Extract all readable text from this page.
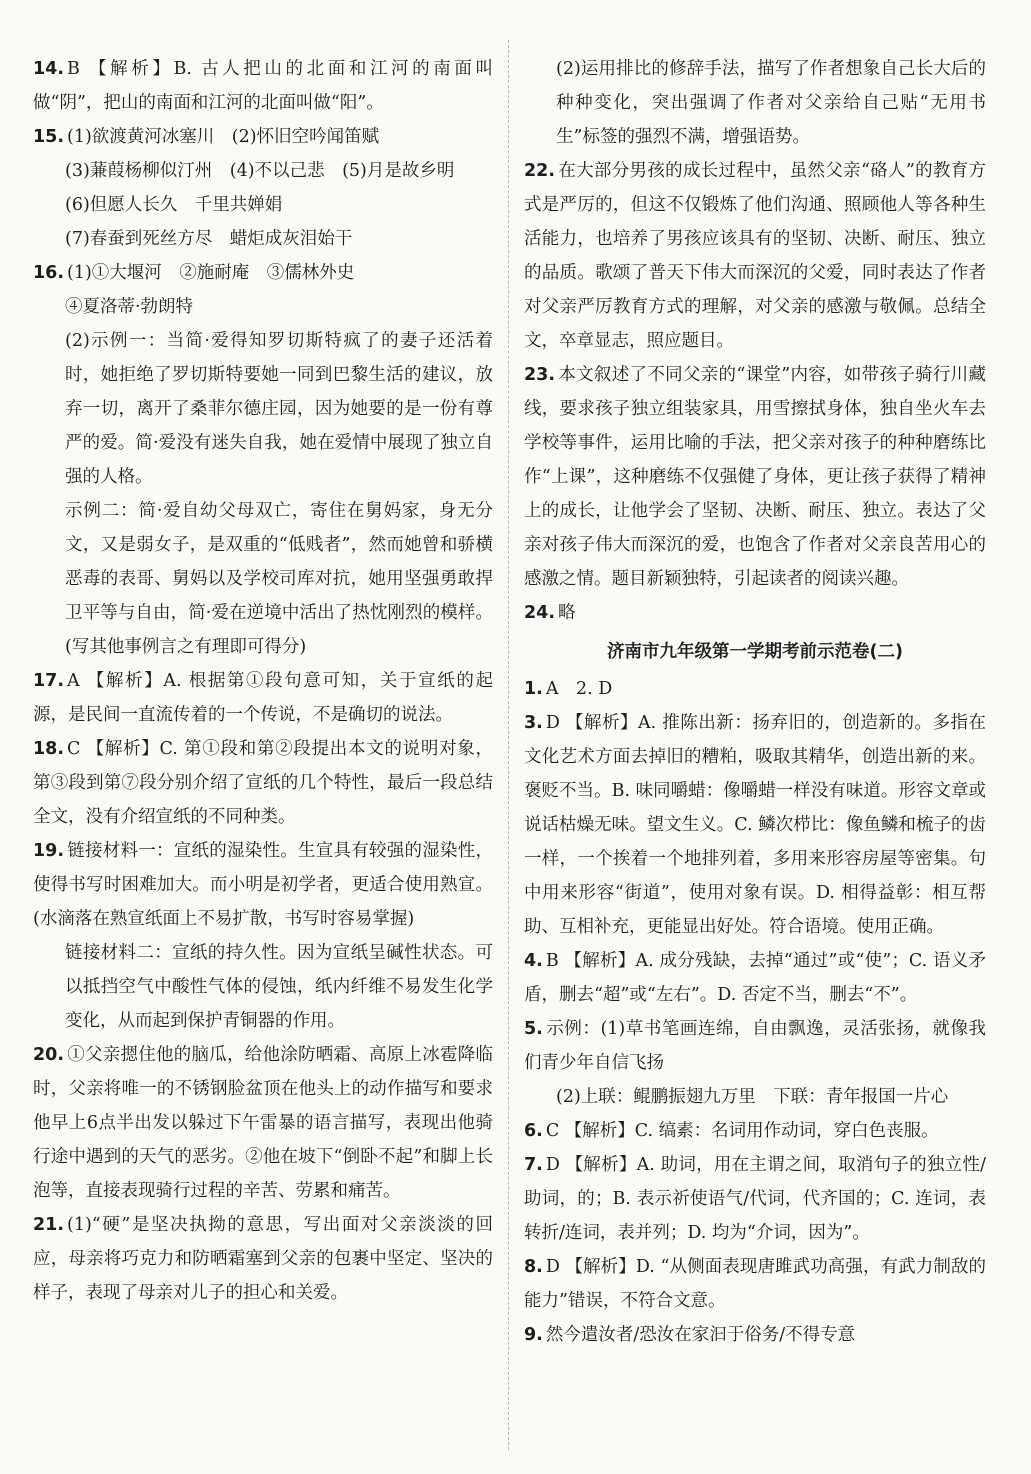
14. B 【解析】B. 古人把山的北面和江河的南面叫做“阴”，把山的南面和江河的北面叫做“阳”。

15. (1)欲渡黄河冰塞川　(2)怀旧空吟闻笛赋

(3)蒹葭杨柳似汀州　(4)不以己悲　(5)月是故乡明

(6)但愿人长久　千里共婵娟

(7)春蚕到死丝方尽　蜡炬成灰泪始干

16. (1)①大堰河　②施耐庵　③儒林外史

④夏洛蒂·勃朗特

(2)示例一：当简·爱得知罗切斯特疯了的妻子还活着时，她拒绝了罗切斯特要她一同到巴黎生活的建议，放弃一切，离开了桑菲尔德庄园，因为她要的是一份有尊严的爱。简·爱没有迷失自我，她在爱情中展现了独立自强的人格。

示例二：简·爱自幼父母双亡，寄住在舅妈家，身无分文，又是弱女子，是双重的“低贱者”，然而她曾和骄横恶毒的表哥、舅妈以及学校司库对抗，她用坚强勇敢捍卫平等与自由，简·爱在逆境中活出了热忱刚烈的模样。(写其他事例言之有理即可得分)

17. A 【解析】A. 根据第①段句意可知，关于宣纸的起源，是民间一直流传着的一个传说，不是确切的说法。

18. C 【解析】C. 第①段和第②段提出本文的说明对象，第③段到第⑦段分别介绍了宣纸的几个特性，最后一段总结全文，没有介绍宣纸的不同种类。

19. 链接材料一：宣纸的湿染性。生宣具有较强的湿染性，使得书写时困难加大。而小明是初学者，更适合使用熟宣。(水滴落在熟宣纸面上不易扩散，书写时容易掌握)

链接材料二：宣纸的持久性。因为宣纸呈碱性状态。可以抵挡空气中酸性气体的侵蚀，纸内纤维不易发生化学变化，从而起到保护青铜器的作用。

20. ①父亲摁住他的脑瓜，给他涂防晒霜、高原上冰雹降临时，父亲将唯一的不锈钢脸盆顶在他头上的动作描写和要求他早上6点半出发以躲过下午雷暴的语言描写，表现出他骑行途中遇到的天气的恶劣。②他在坡下“倒卧不起”和脚上长泡等，直接表现骑行过程的辛苦、劳累和痛苦。

21. (1)“硬”是坚决执拗的意思，写出面对父亲淡淡的回应，母亲将巧克力和防晒霜塞到父亲的包裹中坚定、坚决的样子，表现了母亲对儿子的担心和关爱。

(2)运用排比的修辞手法，描写了作者想象自己长大后的种种变化，突出强调了作者对父亲给自己贴“无用书生”标签的强烈不满，增强语势。

22. 在大部分男孩的成长过程中，虽然父亲“硌人”的教育方式是严厉的，但这不仅锻炼了他们沟通、照顾他人等各种生活能力，也培养了男孩应该具有的坚韧、决断、耐压、独立的品质。歌颂了普天下伟大而深沉的父爱，同时表达了作者对父亲严厉教育方式的理解，对父亲的感激与敬佩。总结全文，卒章显志，照应题目。

23. 本文叙述了不同父亲的“课堂”内容，如带孩子骑行川藏线，要求孩子独立组装家具，用雪擦拭身体，独自坐火车去学校等事件，运用比喻的手法，把父亲对孩子的种种磨练比作“上课”，这种磨练不仅强健了身体，更让孩子获得了精神上的成长，让他学会了坚韧、决断、耐压、独立。表达了父亲对孩子伟大而深沉的爱，也饱含了作者对父亲良苦用心的感激之情。题目新颖独特，引起读者的阅读兴趣。

24. 略

济南市九年级第一学期考前示范卷(二)

1. A　2. D

3. D 【解析】A. 推陈出新：扬弃旧的，创造新的。多指在文化艺术方面去掉旧的糟粕，吸取其精华，创造出新的来。褒贬不当。B. 味同嚼蜡：像嚼蜡一样没有味道。形容文章或说话枯燥无味。望文生义。C. 鳞次栉比：像鱼鳞和梳子的齿一样，一个挨着一个地排列着，多用来形容房屋等密集。句中用来形容“街道”，使用对象有误。D. 相得益彰：相互帮助、互相补充，更能显出好处。符合语境。使用正确。

4. B 【解析】A. 成分残缺，去掉“通过”或“使”；C. 语义矛盾，删去“超”或“左右”。D. 否定不当，删去“不”。

5. 示例：(1)草书笔画连绵，自由飘逸，灵活张扬，就像我们青少年自信飞扬

(2)上联：鲲鹏振翅九万里　下联：青年报国一片心

6. C 【解析】C. 缟素：名词用作动词，穿白色丧服。

7. D 【解析】A. 助词，用在主谓之间，取消句子的独立性/助词，的；B. 表示祈使语气/代词，代齐国的；C. 连词，表转折/连词，表并列；D. 均为“介词，因为”。

8. D 【解析】D. “从侧面表现唐雎武功高强，有武力制敌的能力”错误，不符合文意。

9. 然今遣汝者/恐汝在家汩于俗务/不得专意
